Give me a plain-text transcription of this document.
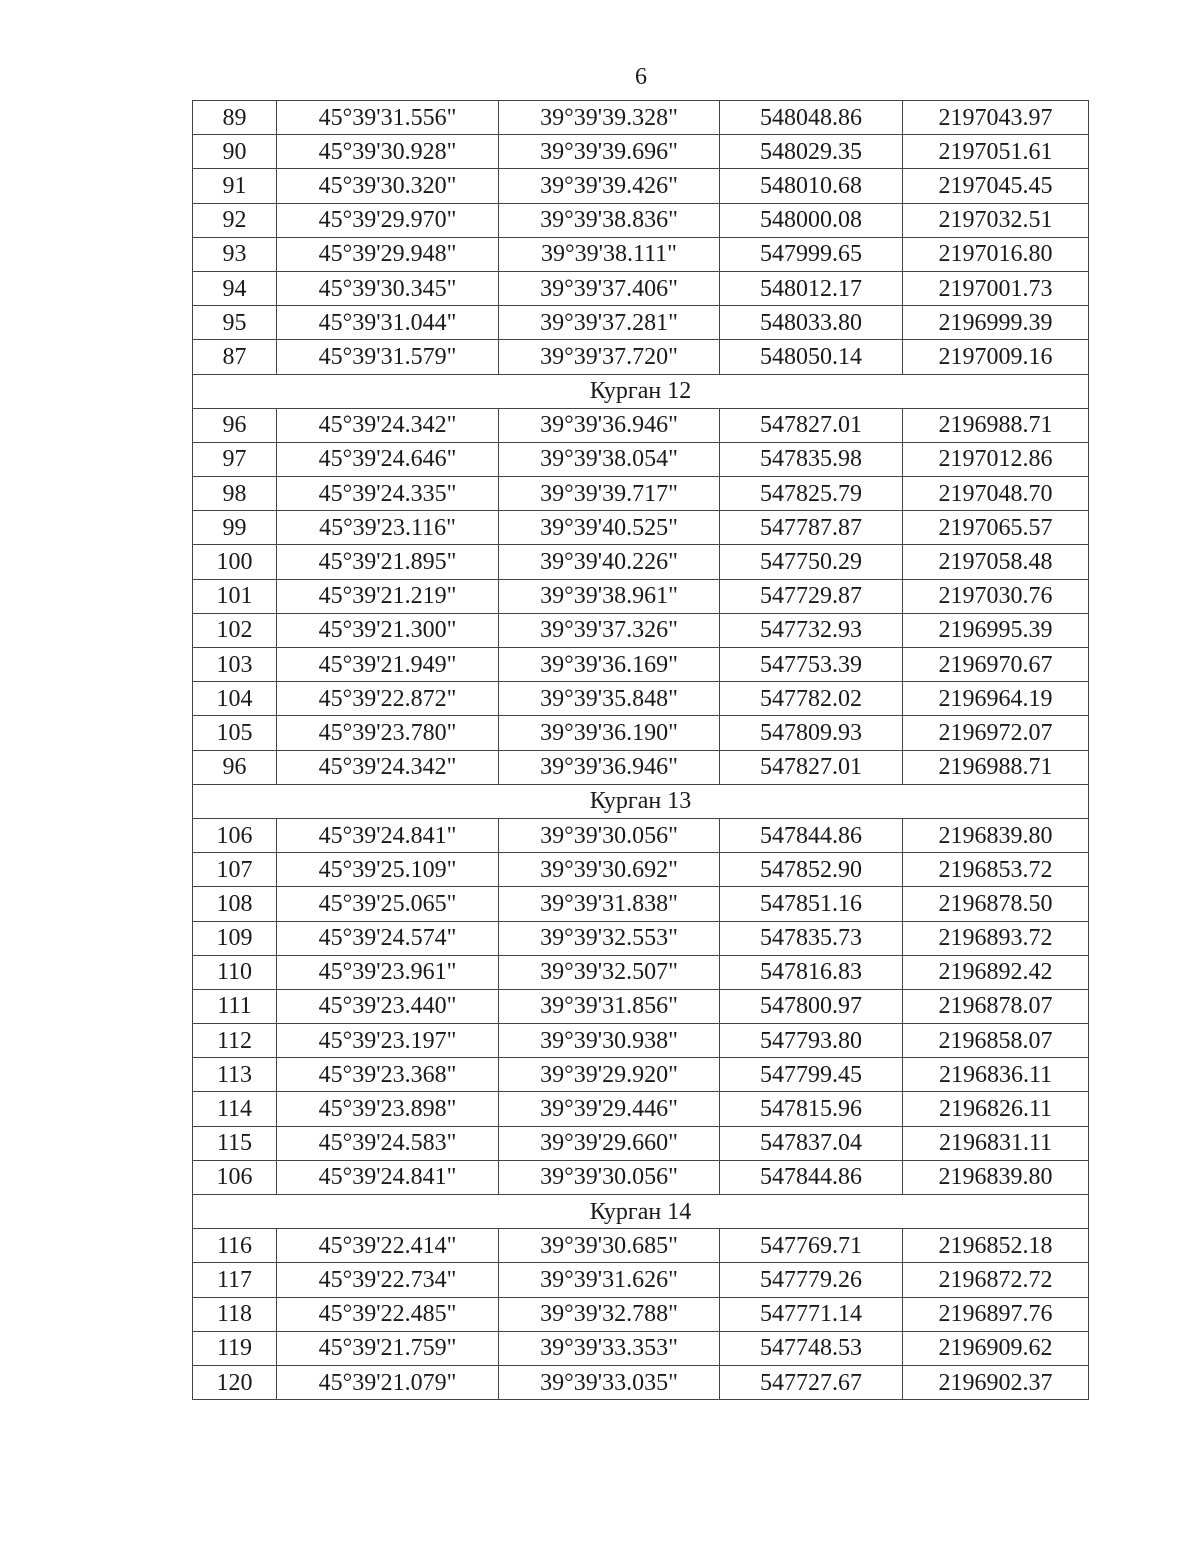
6
89	45°39'31.556"	39°39'39.328"	548048.86	2197043.97
90	45°39'30.928"	39°39'39.696"	548029.35	2197051.61
91	45°39'30.320"	39°39'39.426"	548010.68	2197045.45
92	45°39'29.970"	39°39'38.836"	548000.08	2197032.51
93	45°39'29.948"	39°39'38.111"	547999.65	2197016.80
94	45°39'30.345"	39°39'37.406"	548012.17	2197001.73
95	45°39'31.044"	39°39'37.281"	548033.80	2196999.39
87	45°39'31.579"	39°39'37.720"	548050.14	2197009.16
Курган 12				
96	45°39'24.342"	39°39'36.946"	547827.01	2196988.71
97	45°39'24.646"	39°39'38.054"	547835.98	2197012.86
98	45°39'24.335"	39°39'39.717"	547825.79	2197048.70
99	45°39'23.116"	39°39'40.525"	547787.87	2197065.57
100	45°39'21.895"	39°39'40.226"	547750.29	2197058.48
101	45°39'21.219"	39°39'38.961"	547729.87	2197030.76
102	45°39'21.300"	39°39'37.326"	547732.93	2196995.39
103	45°39'21.949"	39°39'36.169"	547753.39	2196970.67
104	45°39'22.872"	39°39'35.848"	547782.02	2196964.19
105	45°39'23.780"	39°39'36.190"	547809.93	2196972.07
96	45°39'24.342"	39°39'36.946"	547827.01	2196988.71
Курган 13				
106	45°39'24.841"	39°39'30.056"	547844.86	2196839.80
107	45°39'25.109"	39°39'30.692"	547852.90	2196853.72
108	45°39'25.065"	39°39'31.838"	547851.16	2196878.50
109	45°39'24.574"	39°39'32.553"	547835.73	2196893.72
110	45°39'23.961"	39°39'32.507"	547816.83	2196892.42
111	45°39'23.440"	39°39'31.856"	547800.97	2196878.07
112	45°39'23.197"	39°39'30.938"	547793.80	2196858.07
113	45°39'23.368"	39°39'29.920"	547799.45	2196836.11
114	45°39'23.898"	39°39'29.446"	547815.96	2196826.11
115	45°39'24.583"	39°39'29.660"	547837.04	2196831.11
106	45°39'24.841"	39°39'30.056"	547844.86	2196839.80
Курган 14				
116	45°39'22.414"	39°39'30.685"	547769.71	2196852.18
117	45°39'22.734"	39°39'31.626"	547779.26	2196872.72
118	45°39'22.485"	39°39'32.788"	547771.14	2196897.76
119	45°39'21.759"	39°39'33.353"	547748.53	2196909.62
120	45°39'21.079"	39°39'33.035"	547727.67	2196902.37
